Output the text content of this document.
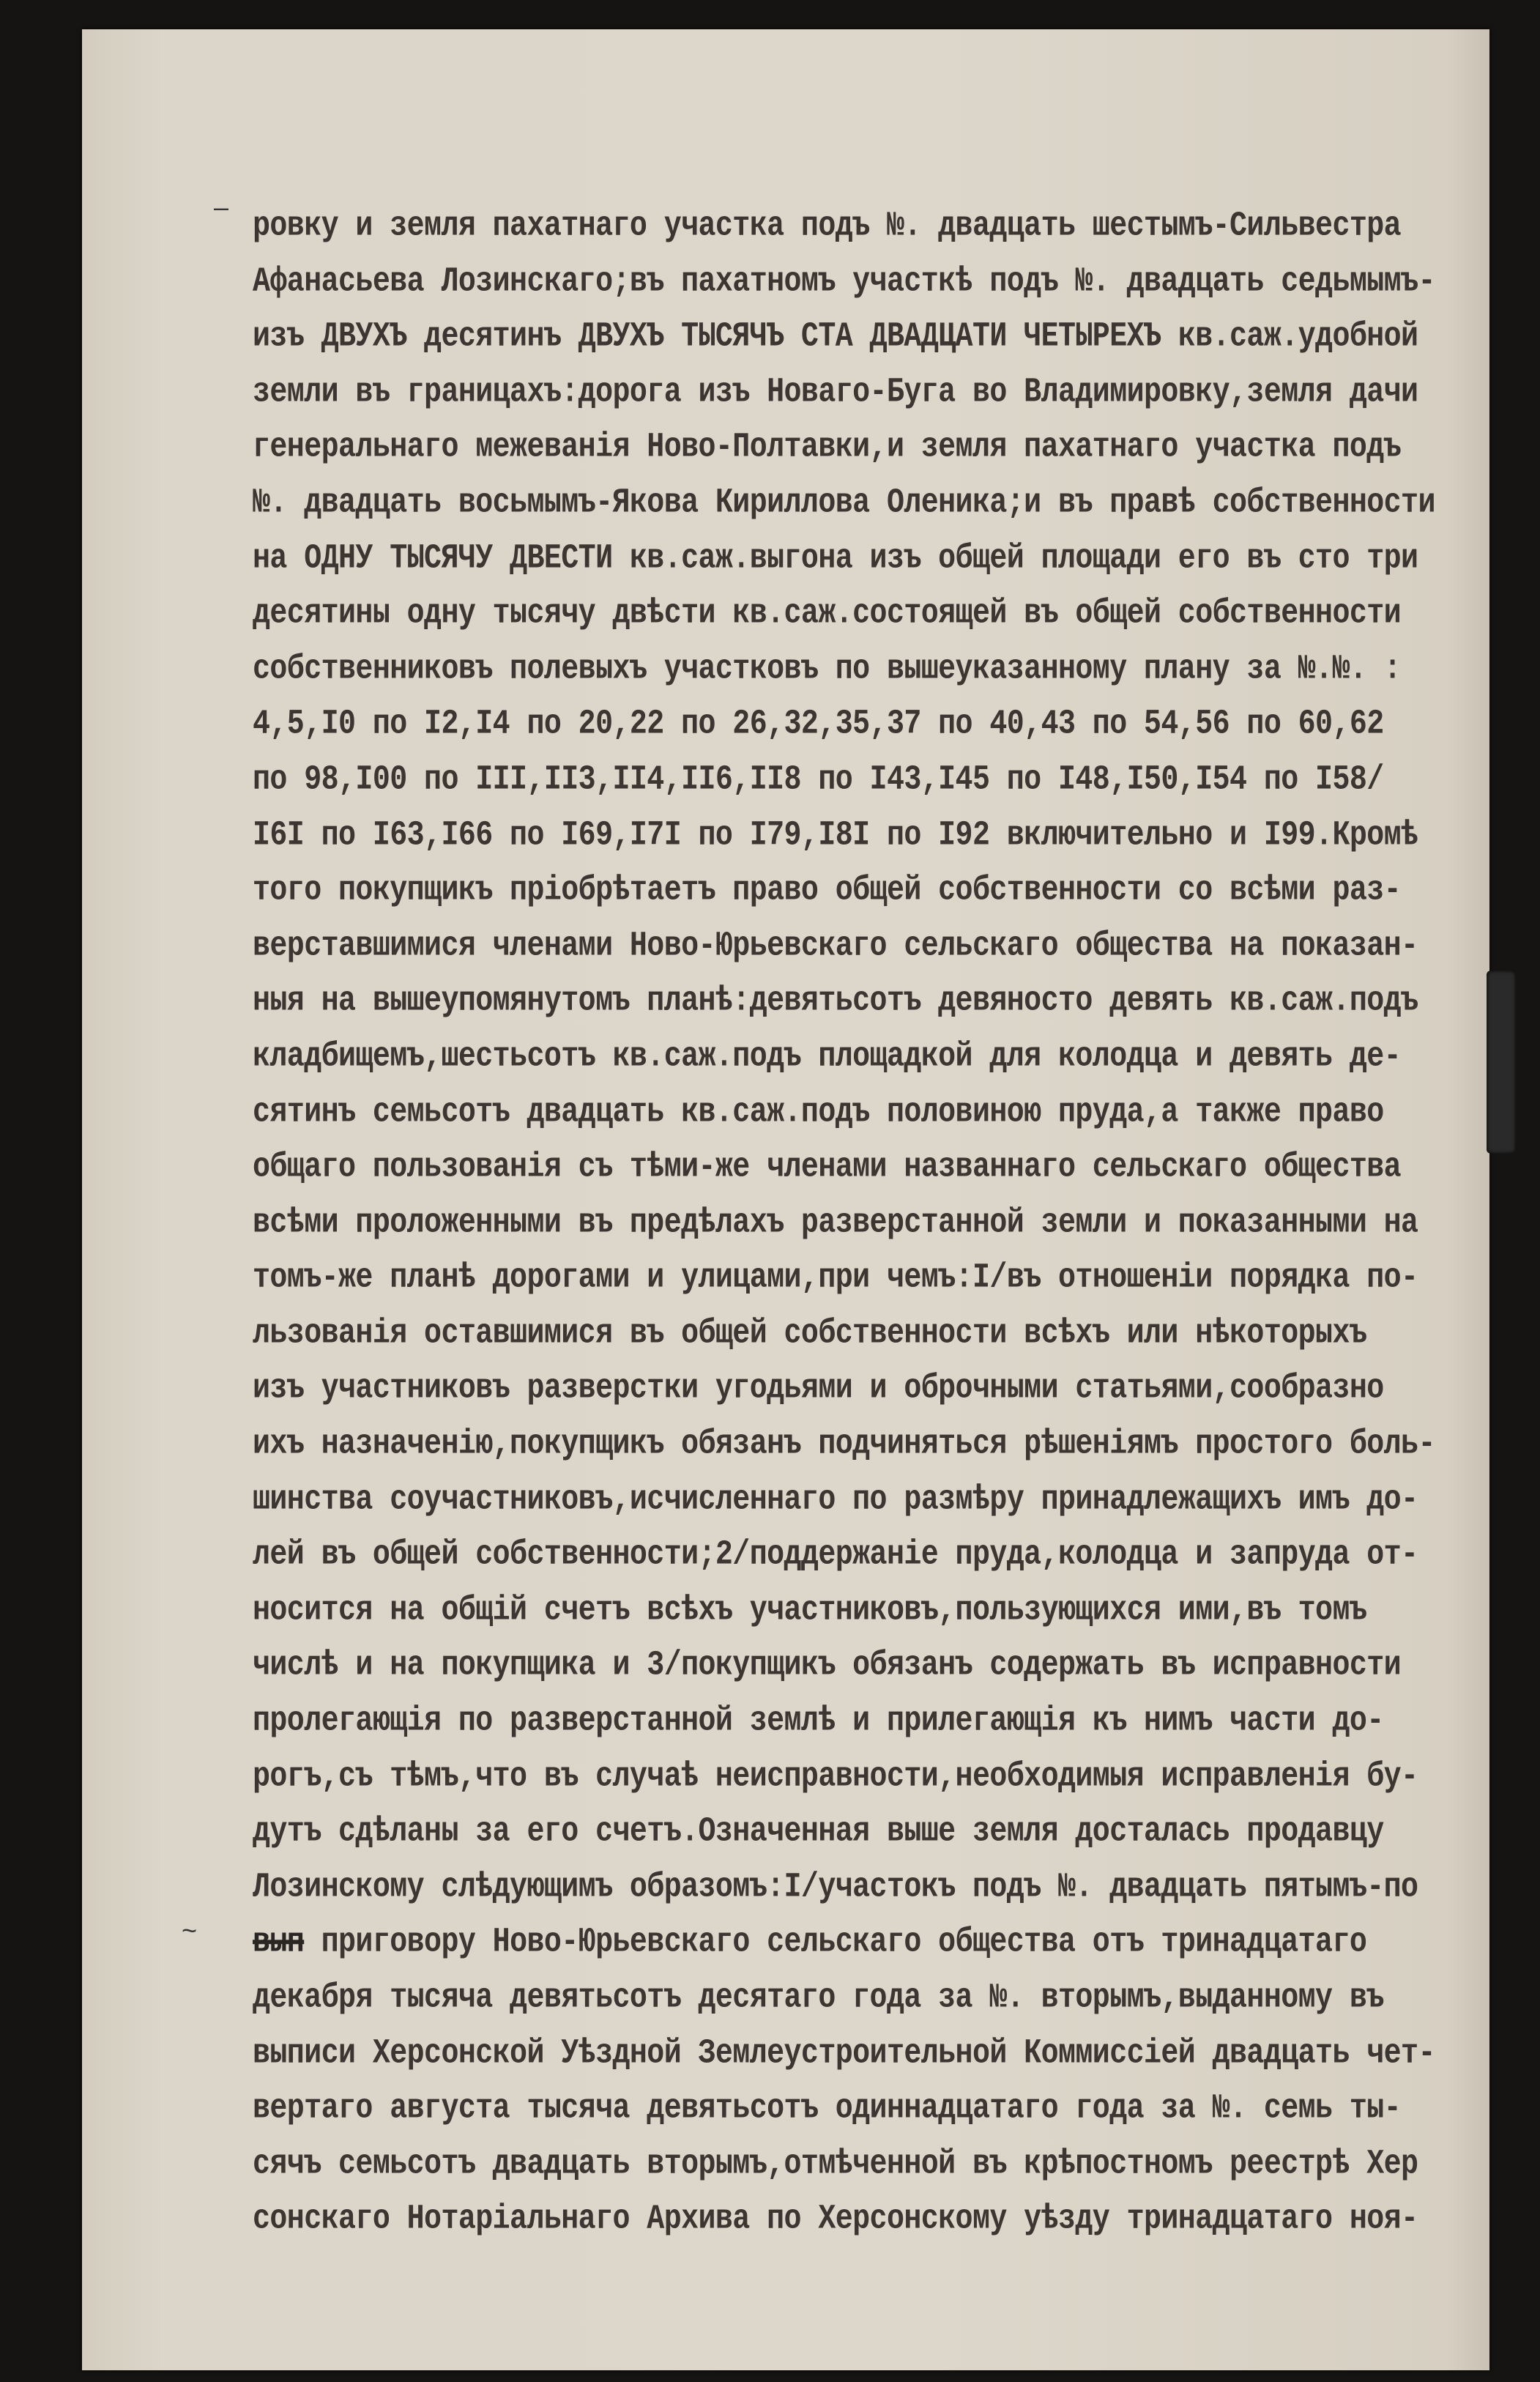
–
~
ровку и земля пахатнаго участка подъ №. двадцать шестымъ-Сильвестра
Афанасьева Лозинскаго;въ пахатномъ участкѣ подъ №. двадцать седьмымъ-
изъ ДВУХЪ десятинъ ДВУХЪ ТЫСЯЧЪ СТА ДВАДЦАТИ ЧЕТЫРЕХЪ кв.саж.удобной
земли въ границахъ:дорога изъ Новаго-Буга во Владимировку,земля дачи
генеральнаго межеванія Ново-Полтавки,и земля пахатнаго участка подъ
№. двадцать восьмымъ-Якова Кириллова Оленика;и въ правѣ собственности
на ОДНУ ТЫСЯЧУ ДВЕСТИ кв.саж.выгона изъ общей площади его въ сто три
десятины одну тысячу двѣсти кв.саж.состоящей въ общей собственности
собственниковъ полевыхъ участковъ по вышеуказанному плану за №.№. :
4,5,I0 по I2,I4 по 20,22 по 26,32,35,37 по 40,43 по 54,56 по 60,62
по 98,I00 по III,II3,II4,II6,II8 по I43,I45 по I48,I50,I54 по I58/
I6I по I63,I66 по I69,I7I по I79,I8I по I92 включительно и I99.Кромѣ
того покупщикъ пріобрѣтаетъ право общей собственности со всѣми раз-
верставшимися членами Ново-Юрьевскаго сельскаго общества на показан-
ныя на вышеупомянутомъ планѣ:девятьсотъ девяносто девять кв.саж.подъ
кладбищемъ,шестьсотъ кв.саж.подъ площадкой для колодца и девять де-
сятинъ семьсотъ двадцать кв.саж.подъ половиною пруда,а также право
общаго пользованія съ тѣми-же членами названнаго сельскаго общества
всѣми проложенными въ предѣлахъ разверстанной земли и показанными на
томъ-же планѣ дорогами и улицами,при чемъ:I/въ отношеніи порядка по-
льзованія оставшимися въ общей собственности всѣхъ или нѣкоторыхъ
изъ участниковъ разверстки угодьями и оброчными статьями,сообразно
ихъ назначенію,покупщикъ обязанъ подчиняться рѣшеніямъ простого боль-
шинства соучастниковъ,исчисленнаго по размѣру принадлежащихъ имъ до-
лей въ общей собственности;2/поддержаніе пруда,колодца и запруда от-
носится на общій счетъ всѣхъ участниковъ,пользующихся ими,въ томъ
числѣ и на покупщика и 3/покупщикъ обязанъ содержать въ исправности
пролегающія по разверстанной землѣ и прилегающія къ нимъ части до-
рогъ,съ тѣмъ,что въ случаѣ неисправности,необходимыя исправленія бу-
дутъ сдѣланы за его счетъ.Означенная выше земля досталась продавцу
Лозинскому слѣдующимъ образомъ:I/участокъ подъ №. двадцать пятымъ-по
вып приговору Ново-Юрьевскаго сельскаго общества отъ тринадцатаго
декабря тысяча девятьсотъ десятаго года за №. вторымъ,выданному въ
выписи Херсонской Уѣздной Землеустроительной Коммиссіей двадцать чет-
вертаго августа тысяча девятьсотъ одиннадцатаго года за №. семь ты-
сячъ семьсотъ двадцать вторымъ,отмѣченной въ крѣпостномъ реестрѣ Хер
сонскаго Нотаріальнаго Архива по Херсонскому уѣзду тринадцатаго ноя-
